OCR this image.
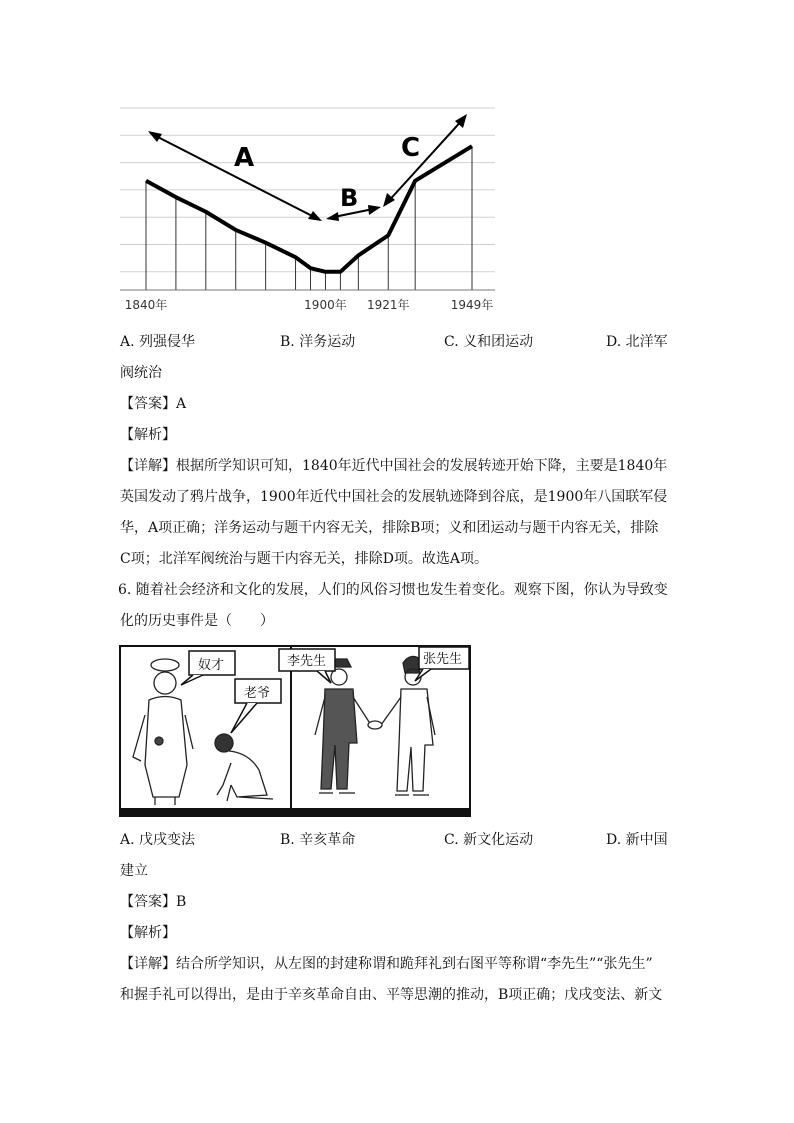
A
B
C
1840年	1900年 1921年	1949年
A. 列强侵华	B. 洋务运动	C. 义和团运动	D. 北洋军
阀统治
【答案】A
【解析】
【详解】根据所学知识可知，1840年近代中国社会的发展转迹开始下降，主要是1840年
英国发动了鸦片战争，1900年近代中国社会的发展轨迹降到谷底，是1900年八国联军侵
华，A项正确；洋务运动与题干内容无关，排除B项；义和团运动与题干内容无关，排除
C项；北洋军阀统治与题干内容无关，排除D项。故选A项。
6. 随着社会经济和文化的发展，人们的风俗习惯也发生着变化。观察下图，你认为导致变
化的历史事件是（　　）
奴才
老爷
李先生	张先生
A. 戊戌变法	B. 辛亥革命	C. 新文化运动	D. 新中国
建立
【答案】B
【解析】
【详解】结合所学知识，从左图的封建称谓和跪拜礼到右图平等称谓“李先生”“张先生”
和握手礼可以得出，是由于辛亥革命自由、平等思潮的推动，B项正确；戊戌变法、新文
